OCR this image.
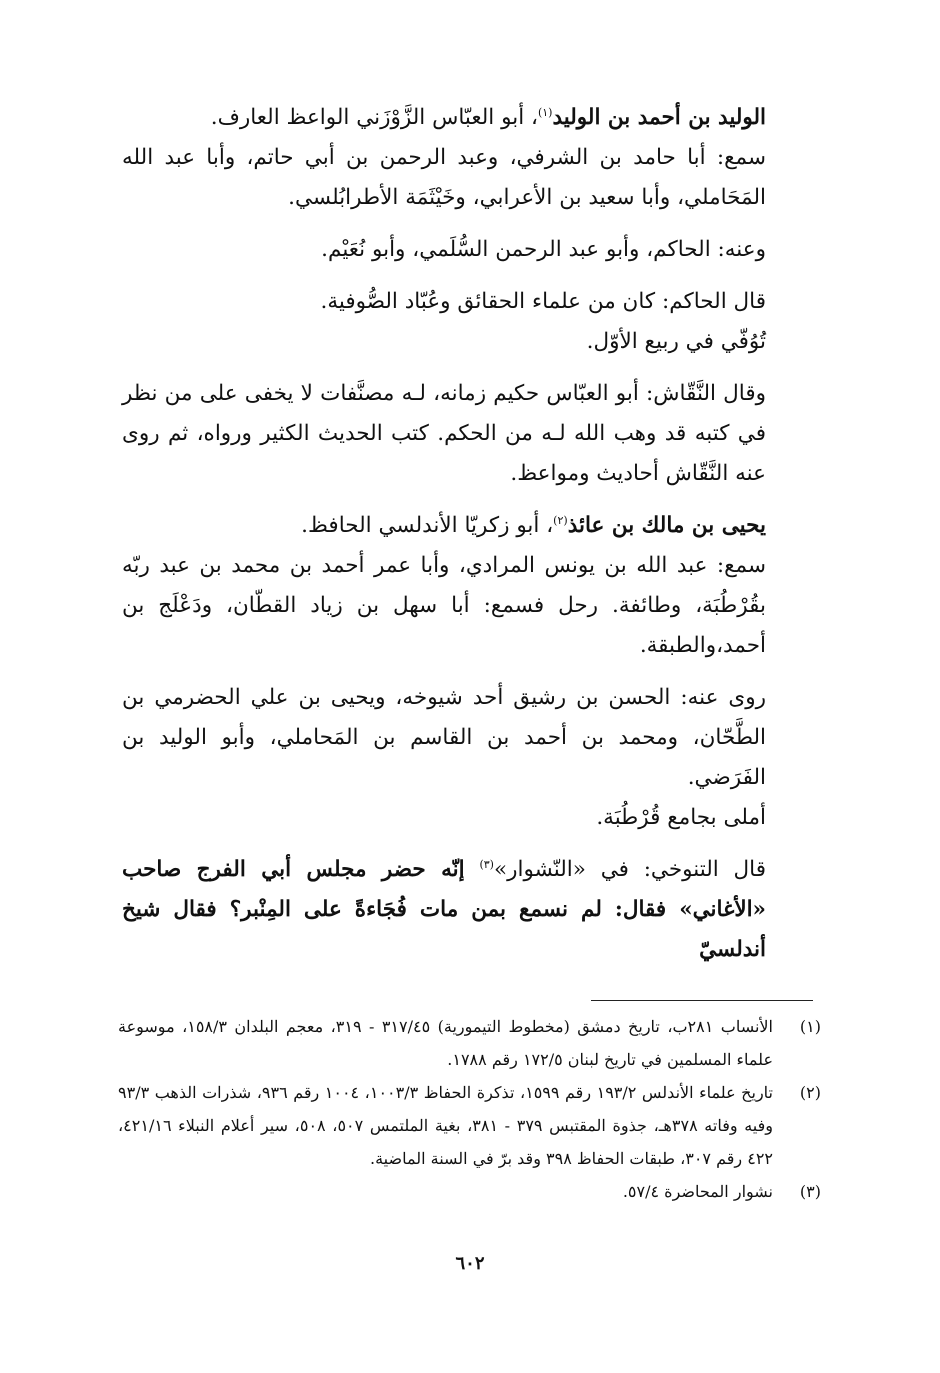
الوليد بن أحمد بن الوليد$^{(١)}$، أبو العبّاس الزَّوْزَني الواعظ العارف.

سمع: أبا حامد بن الشرفي، وعبد الرحمن بن أبي حاتم، وأبا عبد الله المَحَاملي، وأبا سعيد بن الأعرابي، وخَيْثَمَة الأطرابُلسي.

وعنه: الحاكم، وأبو عبد الرحمن السُّلَمي، وأبو نُعَيْم.

قال الحاكم: كان من علماء الحقائق وعُبّاد الصُّوفية.

تُوُفّي في ربيع الأوّل.

وقال النَّقّاش: أبو العبّاس حكيم زمانه، لـه مصنَّفات لا يخفى على من نظر في كتبه قد وهب الله لـه من الحكم. كتب الحديث الكثير ورواه، ثم روى عنه النَّقّاش أحاديث ومواعظ.

يحيى بن مالك بن عائذ$^{(٢)}$، أبو زكريّا الأندلسي الحافظ.

سمع: عبد الله بن يونس المرادي، وأبا عمر أحمد بن محمد بن عبد ربّه بقُرْطُبَة، وطائفة. رحل فسمع: أبا سهل بن زياد القطّان، ودَعْلَج بن أحمد،والطبقة.

روى عنه: الحسن بن رشيق أحد شيوخه، ويحيى بن علي الحضرمي بن الطَّحّان، ومحمد بن أحمد بن القاسم بن المَحاملي، وأبو الوليد بن الفَرَضي.

أملى بجامع قُرْطُبَة.

قال التنوخي: في «النّشوار»$^{(٣)}$ إنّه حضر مجلس أبي الفرج صاحب «الأغاني» فقال: لم نسمع بمن مات فُجَاءةً على المِنْبر؟ فقال شيخ أندلسيّ

(١)
الأنساب ٢٨١ب، تاريخ دمشق (مخطوط التيمورية) ٣١٧/٤٥ - ٣١٩، معجم البلدان ١٥٨/٣، موسوعة علماء المسلمين في تاريخ لبنان ١٧٢/٥ رقم ١٧٨٨.
(٢)
تاريخ علماء الأندلس ١٩٣/٢ رقم ١٥٩٩، تذكرة الحفاظ ١٠٠٣/٣، ١٠٠٤ رقم ٩٣٦، شذرات الذهب ٩٣/٣ وفيه وفاته ٣٧٨هـ، جذوة المقتبس ٣٧٩ - ٣٨١، بغية الملتمس ٥٠٧، ٥٠٨، سير أعلام النبلاء ٤٢١/١٦، ٤٢٢ رقم ٣٠٧، طبقات الحفاظ ٣٩٨ وقد برّ في السنة الماضية.
(٣)
نشوار المحاضرة ٥٧/٤.
٦٠٢
